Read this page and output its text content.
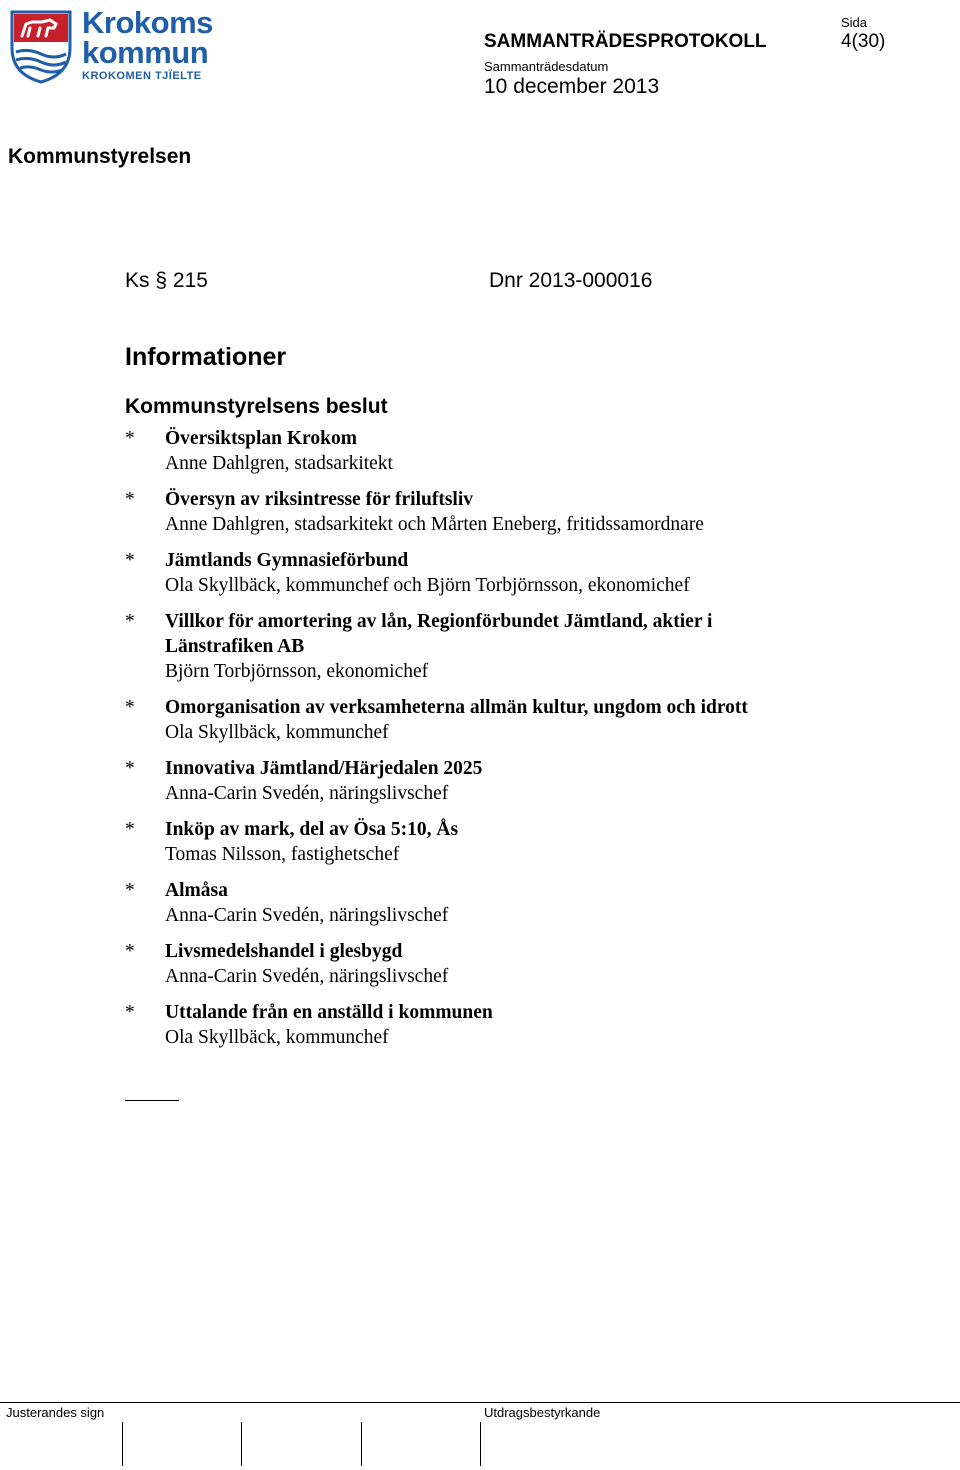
Krokoms
kommun
KROKOMEN TJÏELTE
SAMMANTRÄDESPROTOKOLL
Sida
4(30)
Sammanträdesdatum
10 december 2013
Kommunstyrelsen
Ks § 215	Dnr 2013-000016
Informationer
Kommunstyrelsens beslut
*	Översiktsplan Krokom
Anne Dahlgren, stadsarkitekt
*	Översyn av riksintresse för friluftsliv
Anne Dahlgren, stadsarkitekt och Mårten Eneberg, fritidssamordnare
*	Jämtlands Gymnasieförbund
Ola Skyllbäck, kommunchef och Björn Torbjörnsson, ekonomichef
*	Villkor för amortering av lån, Regionförbundet Jämtland, aktier i Länstrafiken AB
Björn Torbjörnsson, ekonomichef
*	Omorganisation av verksamheterna allmän kultur, ungdom och idrott
Ola Skyllbäck, kommunchef
*	Innovativa Jämtland/Härjedalen 2025
Anna-Carin Svedén, näringslivschef
*	Inköp av mark, del av Ösa 5:10, Ås
Tomas Nilsson, fastighetschef
*	Almåsa
Anna-Carin Svedén, näringslivschef
*	Livsmedelshandel i glesbygd
Anna-Carin Svedén, näringslivschef
*	Uttalande från en anställd i kommunen
Ola Skyllbäck, kommunchef
Justerandes sign	Utdragsbestyrkande
